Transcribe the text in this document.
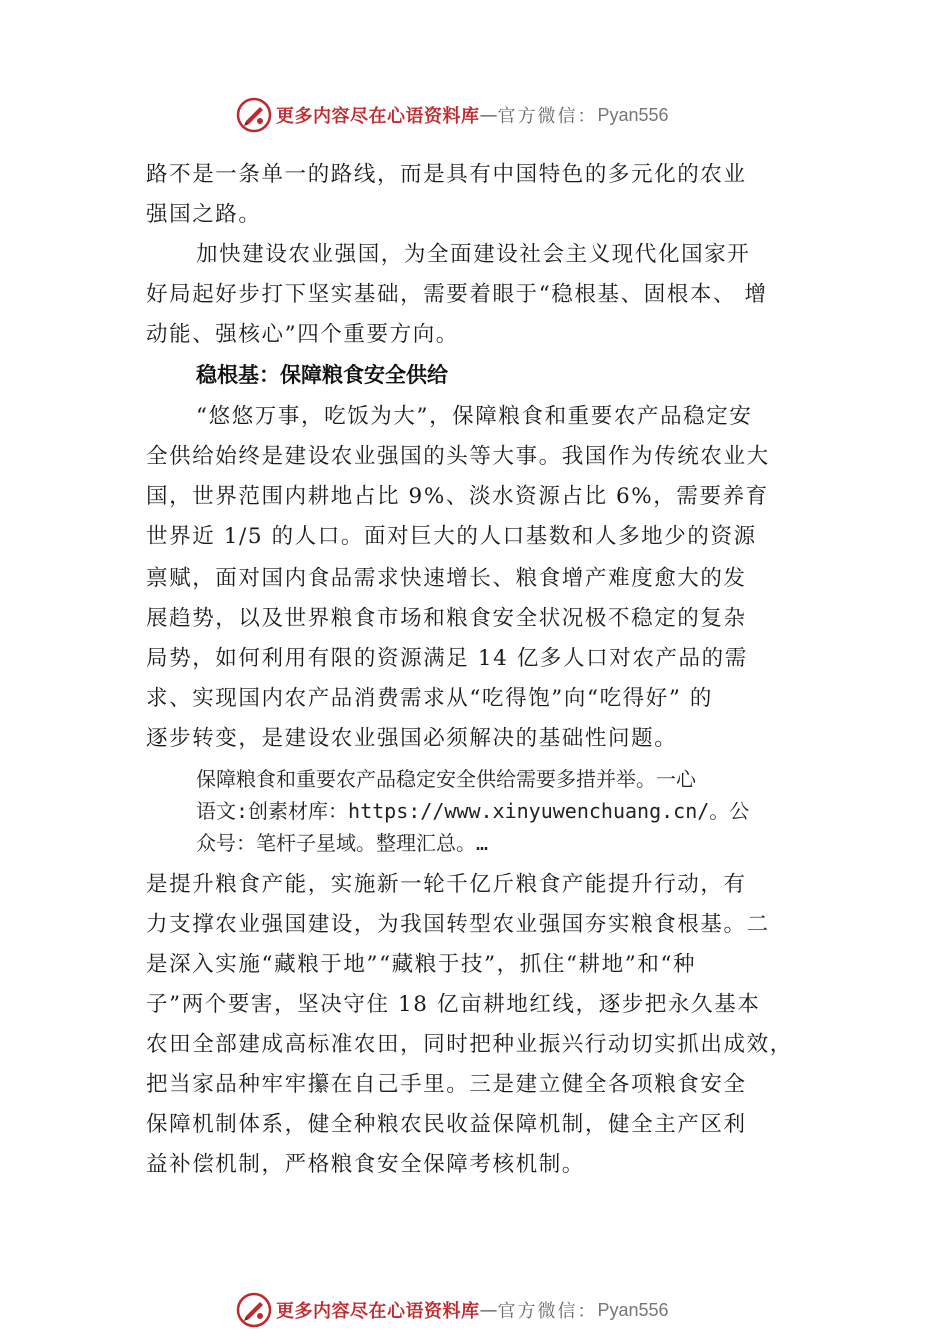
更多内容尽在心语资料库 — 官方微信： Pyan556
路不是一条单一的路线，而是具有中国特色的多元化的农业
强国之路。
加快建设农业强国，为全面建设社会主义现代化国家开
好局起好步打下坚实基础，需要着眼于“稳根基、固根本、 增
动能、强核心”四个重要方向。
稳根基：保障粮食安全供给
“悠悠万事，吃饭为大”，保障粮食和重要农产品稳定安
全供给始终是建设农业强国的头等大事。我国作为传统农业大
国，世界范围内耕地占比 9%、淡水资源占比 6%，需要养育
世界近 1/5 的人口。面对巨大的人口基数和人多地少的资源
禀赋，面对国内食品需求快速增长、粮食增产难度愈大的发
展趋势，以及世界粮食市场和粮食安全状况极不稳定的复杂
局势，如何利用有限的资源满足 14 亿多人口对农产品的需
求、实现国内农产品消费需求从“吃得饱”向“吃得好” 的
逐步转变，是建设农业强国必须解决的基础性问题。
保障粮食和重要农产品稳定安全供给需要多措并举。一心
语文:创素材库：https://www.xinyuwenchuang.cn/。公
众号：笔杆子星域。整理汇总。…
是提升粮食产能，实施新一轮千亿斤粮食产能提升行动，有
力支撑农业强国建设，为我国转型农业强国夯实粮食根基。二
是深入实施“藏粮于地”“藏粮于技”，抓住“耕地”和“种
子”两个要害，坚决守住 18 亿亩耕地红线，逐步把永久基本
农田全部建成高标准农田，同时把种业振兴行动切实抓出成效，
把当家品种牢牢攥在自己手里。三是建立健全各项粮食安全
保障机制体系，健全种粮农民收益保障机制，健全主产区利
益补偿机制，严格粮食安全保障考核机制。
更多内容尽在心语资料库 — 官方微信： Pyan556
